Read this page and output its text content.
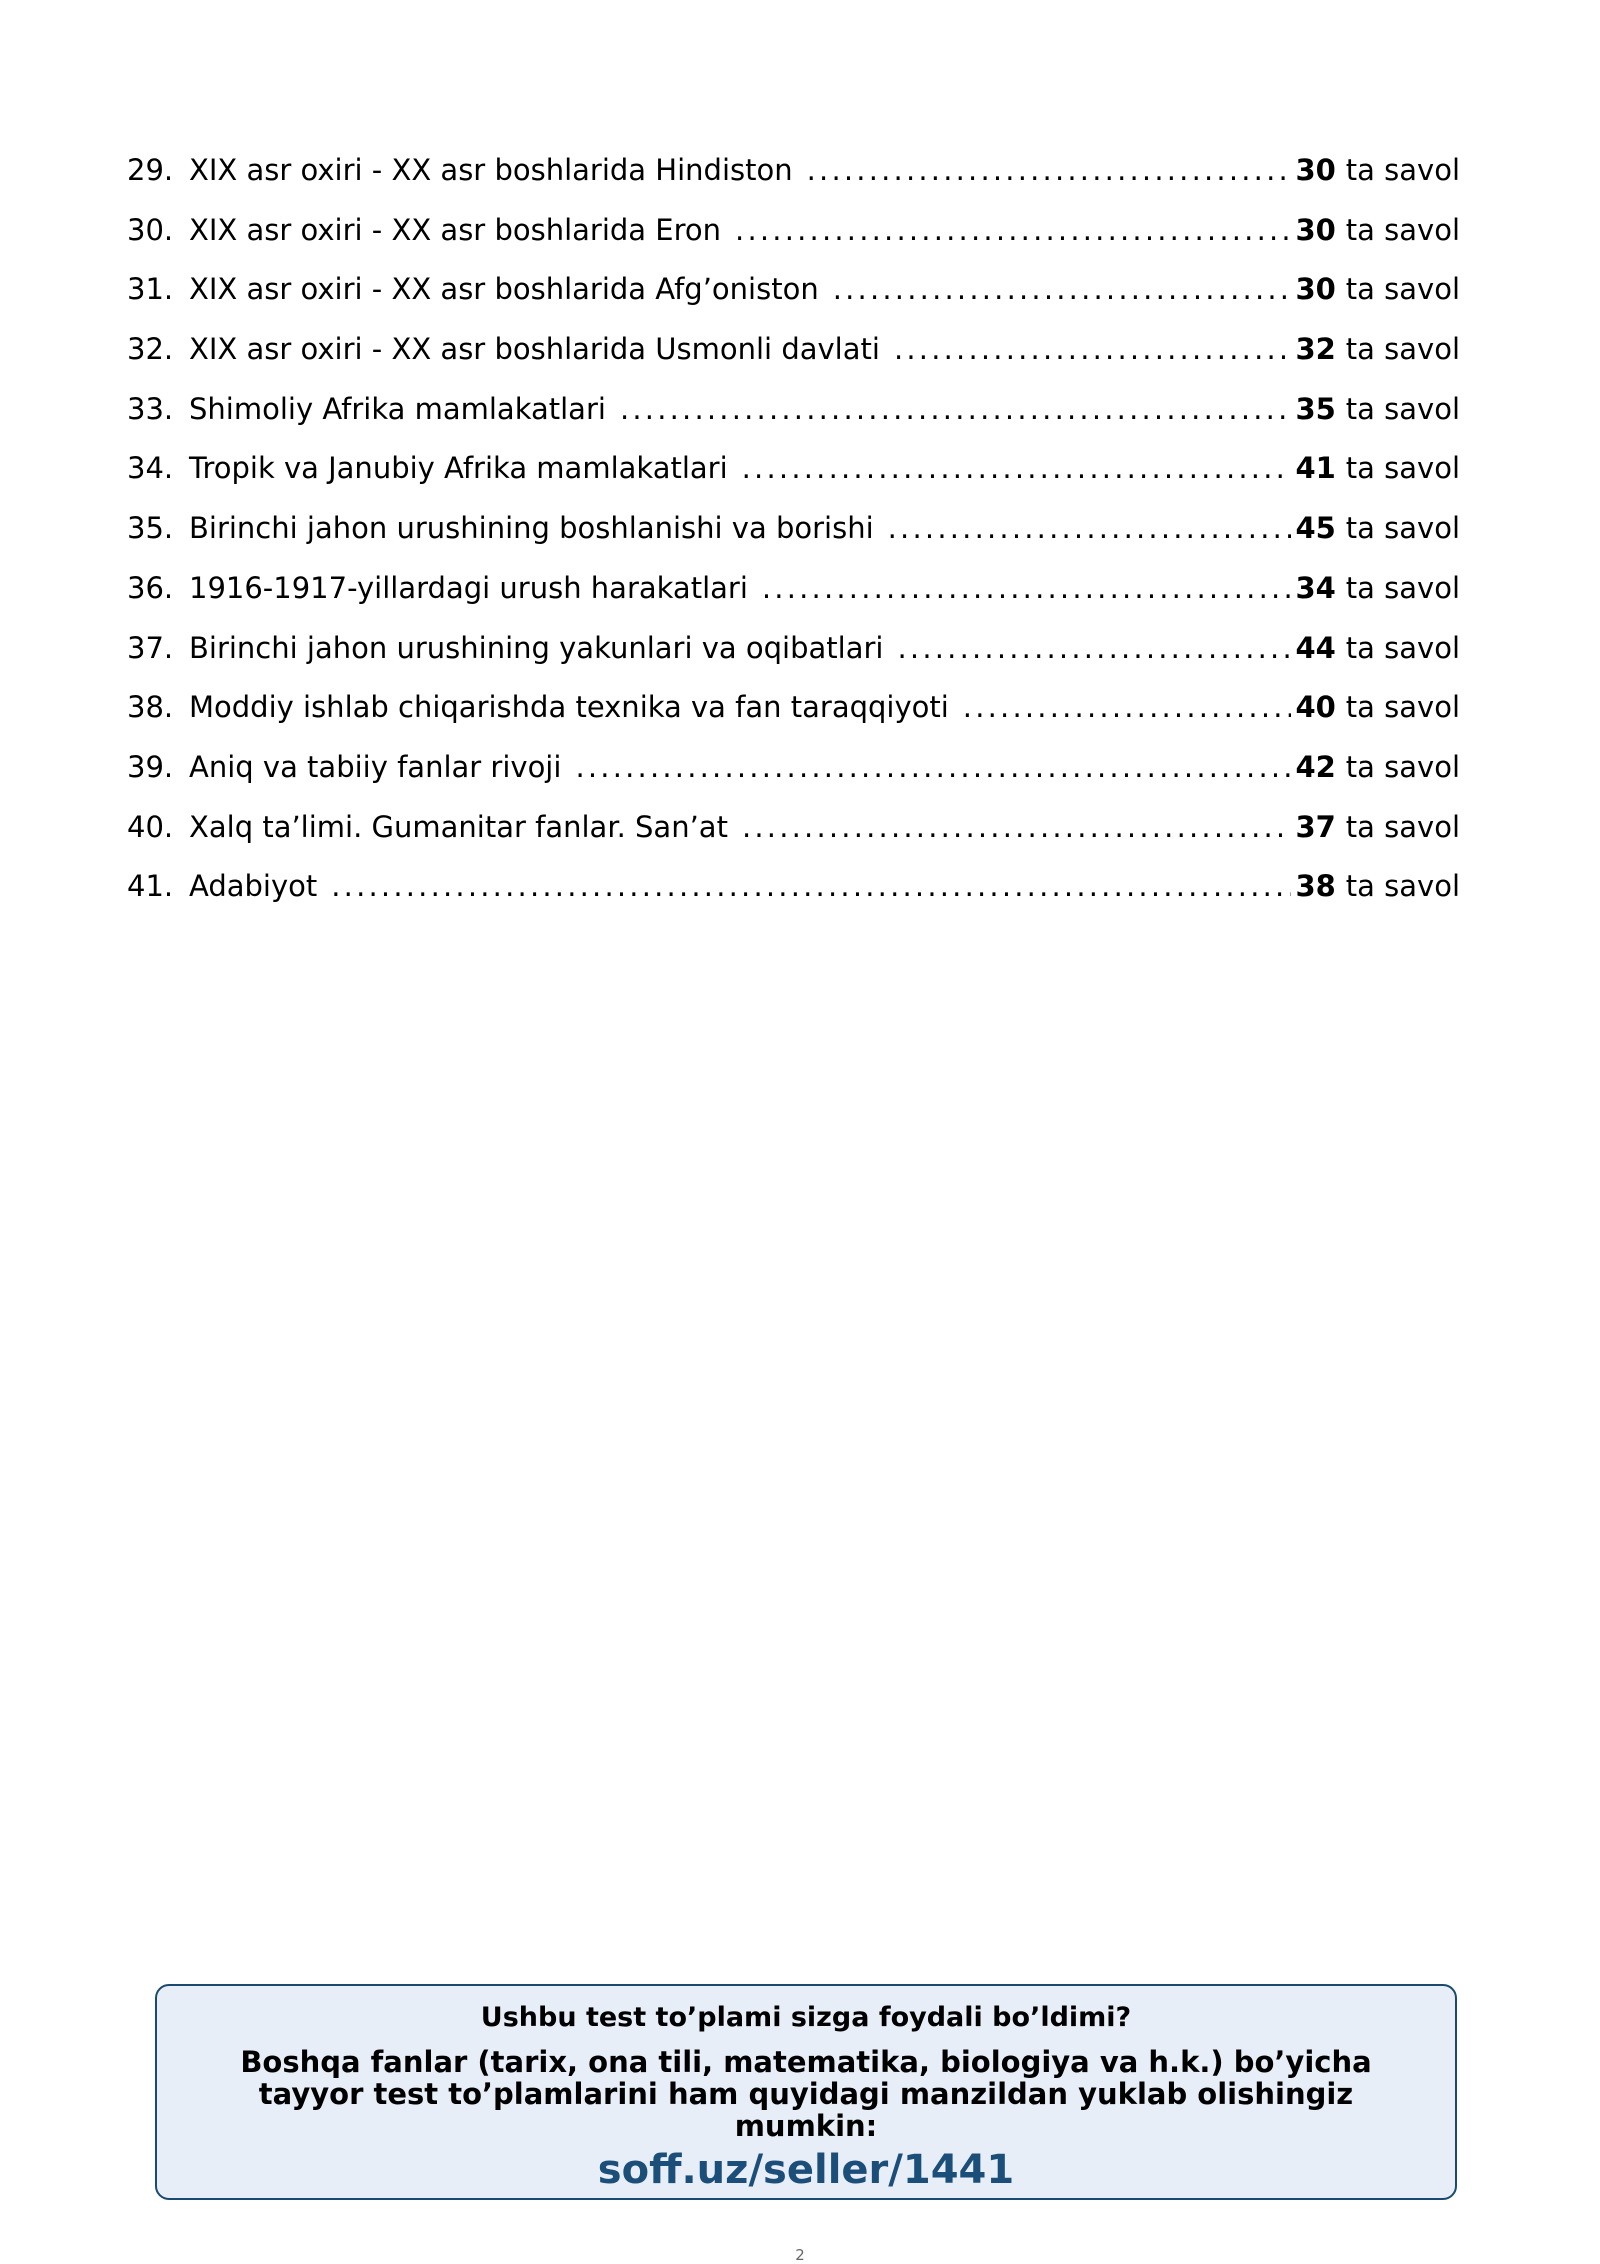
29. XIX asr oxiri - XX asr boshlarida Hindiston .....	30 ta savol
30. XIX asr oxiri - XX asr boshlarida Eron .....	30 ta savol
31. XIX asr oxiri - XX asr boshlarida Afg’oniston .....	30 ta savol
32. XIX asr oxiri - XX asr boshlarida Usmonli davlati .....	32 ta savol
33. Shimoliy Afrika mamlakatlari .....	35 ta savol
34. Tropik va Janubiy Afrika mamlakatlari .....	41 ta savol
35. Birinchi jahon urushining boshlanishi va borishi .....	45 ta savol
36. 1916-1917-yillardagi urush harakatlari .....	34 ta savol
37. Birinchi jahon urushining yakunlari va oqibatlari .....	44 ta savol
38. Moddiy ishlab chiqarishda texnika va fan taraqqiyoti .....	40 ta savol
39. Aniq va tabiiy fanlar rivoji .....	42 ta savol
40. Xalq ta’limi. Gumanitar fanlar. San’at .....	37 ta savol
41. Adabiyot .....	38 ta savol
Ushbu test to’plami sizga foydali bo’ldimi?
Boshqa fanlar (tarix, ona tili, matematika, biologiya va h.k.) bo’yicha tayyor test to’plamlarini ham quyidagi manzildan yuklab olishingiz mumkin:
soff.uz/seller/1441
2
